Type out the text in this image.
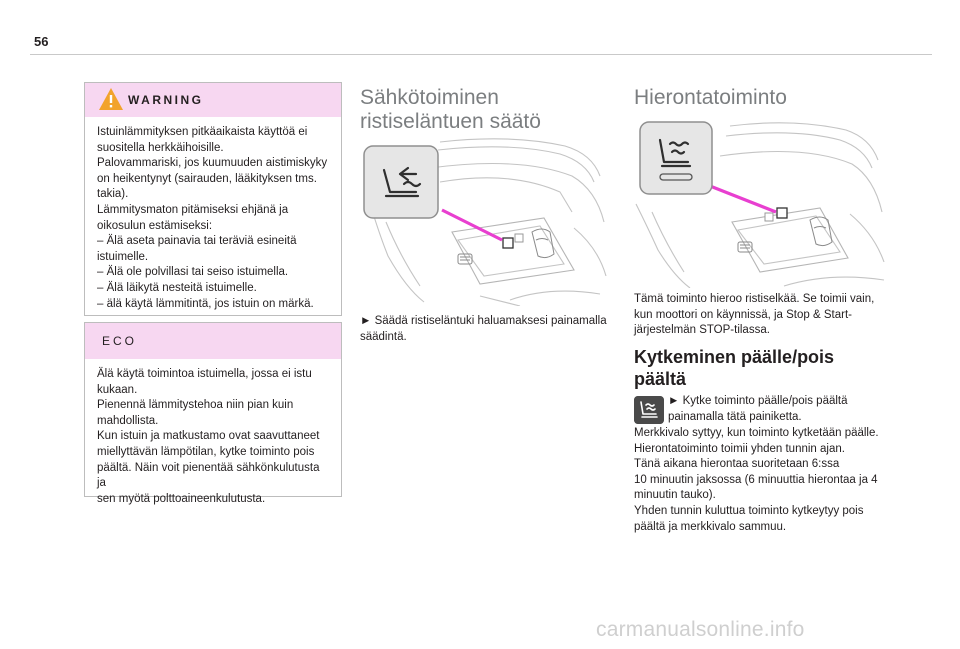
56
WARNING

Istuinlämmityksen pitkäaikaista käyttöä ei

suositella herkkäihoisille.

Palovammariski, jos kuumuuden aistimiskyky

on heikentynyt (sairauden, lääkityksen tms.

takia).

Lämmitysmaton pitämiseksi ehjänä ja

oikosulun estämiseksi:

– Älä aseta painavia tai teräviä esineitä

istuimelle.

– Älä ole polvillasi tai seiso istuimella.

– Älä läikytä nesteitä istuimelle.

– älä käytä lämmitintä, jos istuin on märkä.

ECO

Älä käytä toimintoa istuimella, jossa ei istu

kukaan.

Pienennä lämmitystehoa niin pian kuin

mahdollista.

Kun istuin ja matkustamo ovat saavuttaneet

miellyttävän lämpötilan, kytke toiminto pois

päältä. Näin voit pienentää sähkönkulutusta ja

sen myötä polttoaineenkulutusta.

Sähkötoiminen
ristiseläntuen säätö

► Säädä ristiseläntuki haluamaksesi painamalla
säädintä.

Hierontatoiminto

Tämä toiminto hieroo ristiselkää. Se toimii vain,
kun moottori on käynnissä, ja Stop & Start-
järjestelmän STOP-tilassa.

Kytkeminen päälle/pois
päältä

► Kytke toiminto päälle/pois päältä
painamalla tätä painiketta.

Merkkivalo syttyy, kun toiminto kytketään päälle.
Hierontatoiminto toimii yhden tunnin ajan.
Tänä aikana hierontaa suoritetaan 6:ssa
10 minuutin jaksossa (6 minuuttia hierontaa ja 4
minuutin tauko).
Yhden tunnin kuluttua toiminto kytkeytyy pois
päältä ja merkkivalo sammuu.

carmanualsonline.info
